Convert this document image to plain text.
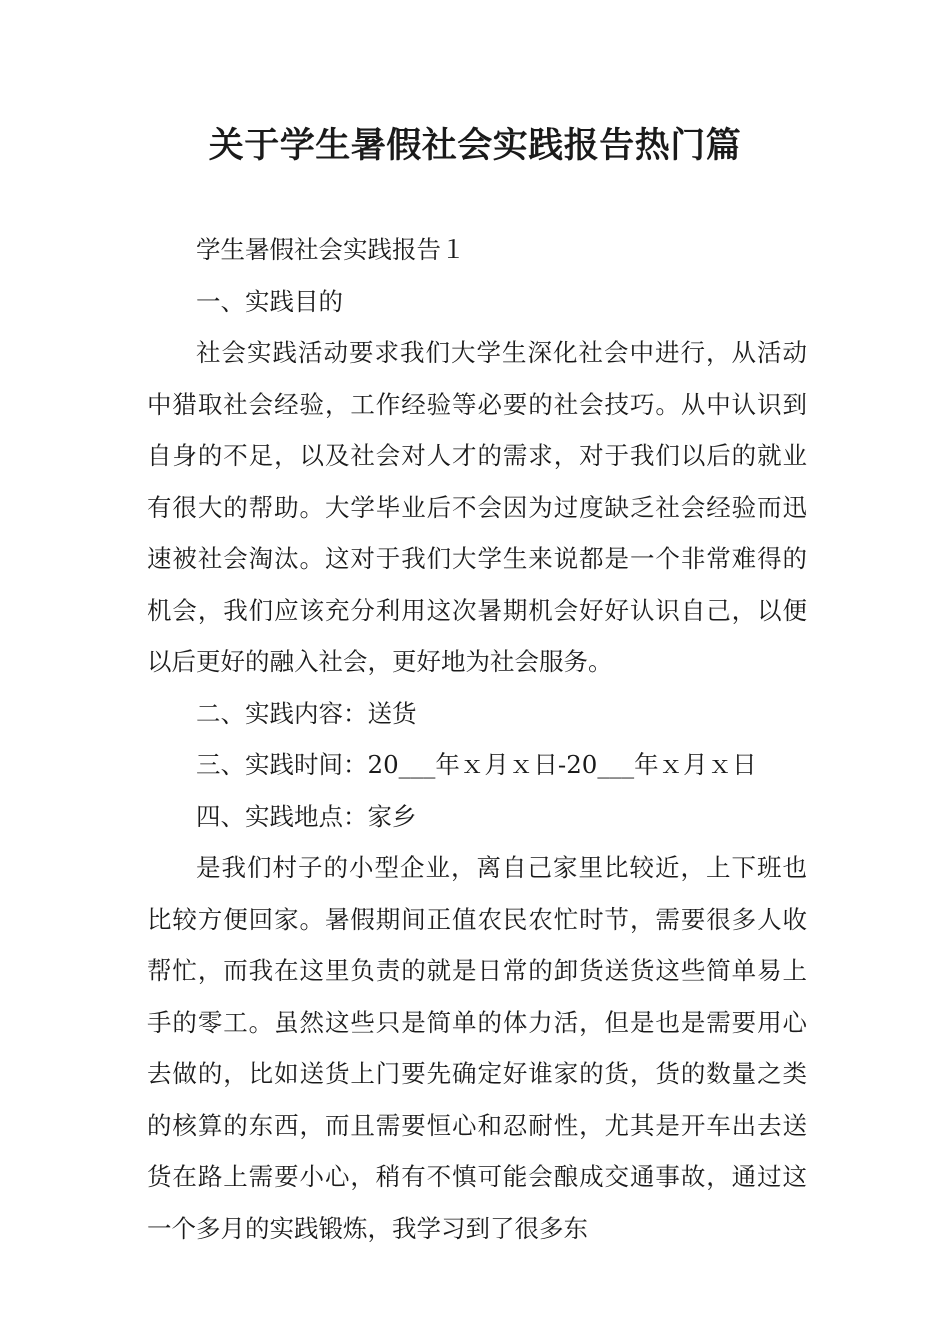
关于学生暑假社会实践报告热门篇

学生暑假社会实践报告１

一、实践目的

社会实践活动要求我们大学生深化社会中进行，从活动中猎取社会经验，工作经验等必要的社会技巧。从中认识到自身的不足，以及社会对人才的需求，对于我们以后的就业有很大的帮助。大学毕业后不会因为过度缺乏社会经验而迅速被社会淘汰。这对于我们大学生来说都是一个非常难得的机会，我们应该充分利用这次暑期机会好好认识自己，以便以后更好的融入社会，更好地为社会服务。

二、实践内容：送货

三、实践时间：20___年ｘ月ｘ日-20___年ｘ月ｘ日

四、实践地点：家乡

是我们村子的小型企业，离自己家里比较近，上下班也比较方便回家。暑假期间正值农民农忙时节，需要很多人收帮忙，而我在这里负责的就是日常的卸货送货这些简单易上手的零工。虽然这些只是简单的体力活，但是也是需要用心去做的，比如送货上门要先确定好谁家的货，货的数量之类的核算的东西，而且需要恒心和忍耐性，尤其是开车出去送货在路上需要小心，稍有不慎可能会酿成交通事故，通过这一个多月的实践锻炼，我学习到了很多东
